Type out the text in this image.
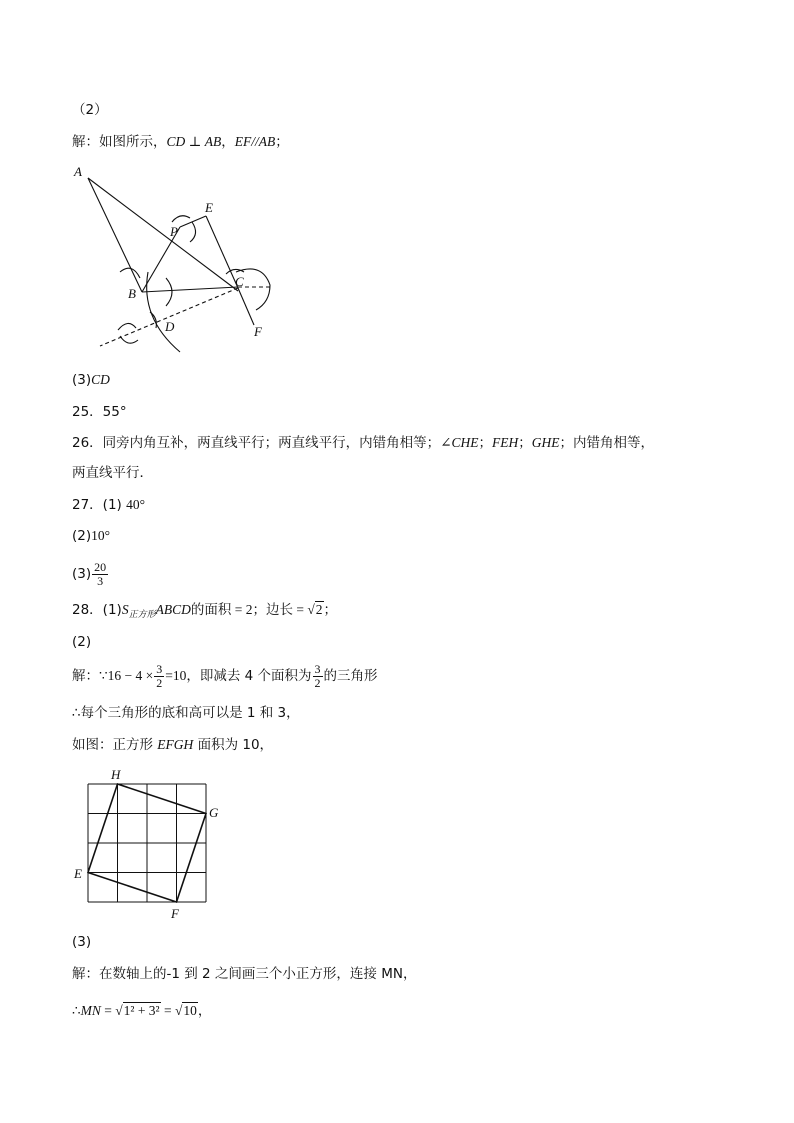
（2）
解：如图所示，CD ⊥ AB，EF//AB；
A
E
P
C
B
D	F
(3)CD
25．55°
26．同旁内角互补，两直线平行；两直线平行，内错角相等；∠CHE；FEH；GHE；内错角相等，
两直线平行．
27．(1) 40°
(2)10°
$(3) \frac{20}{3}$
28．$(1)S_{正方形}ABCD$的面积 = 2；边长 = √2；
(2)
解：∵16 − $4 \times \frac{3}{2} =10$，即减去 4 个面积为 $\frac{3}{2}$ 的三角形
∴每个三角形的底和高可以是 1 和 3，
如图：正方形 EFGH 面积为 10，
H
G
E
F
(3)
解：在数轴上的-1 到 2 之间画三个小正方形，连接 MN，
∴MN = √1² + 3² = √10，
